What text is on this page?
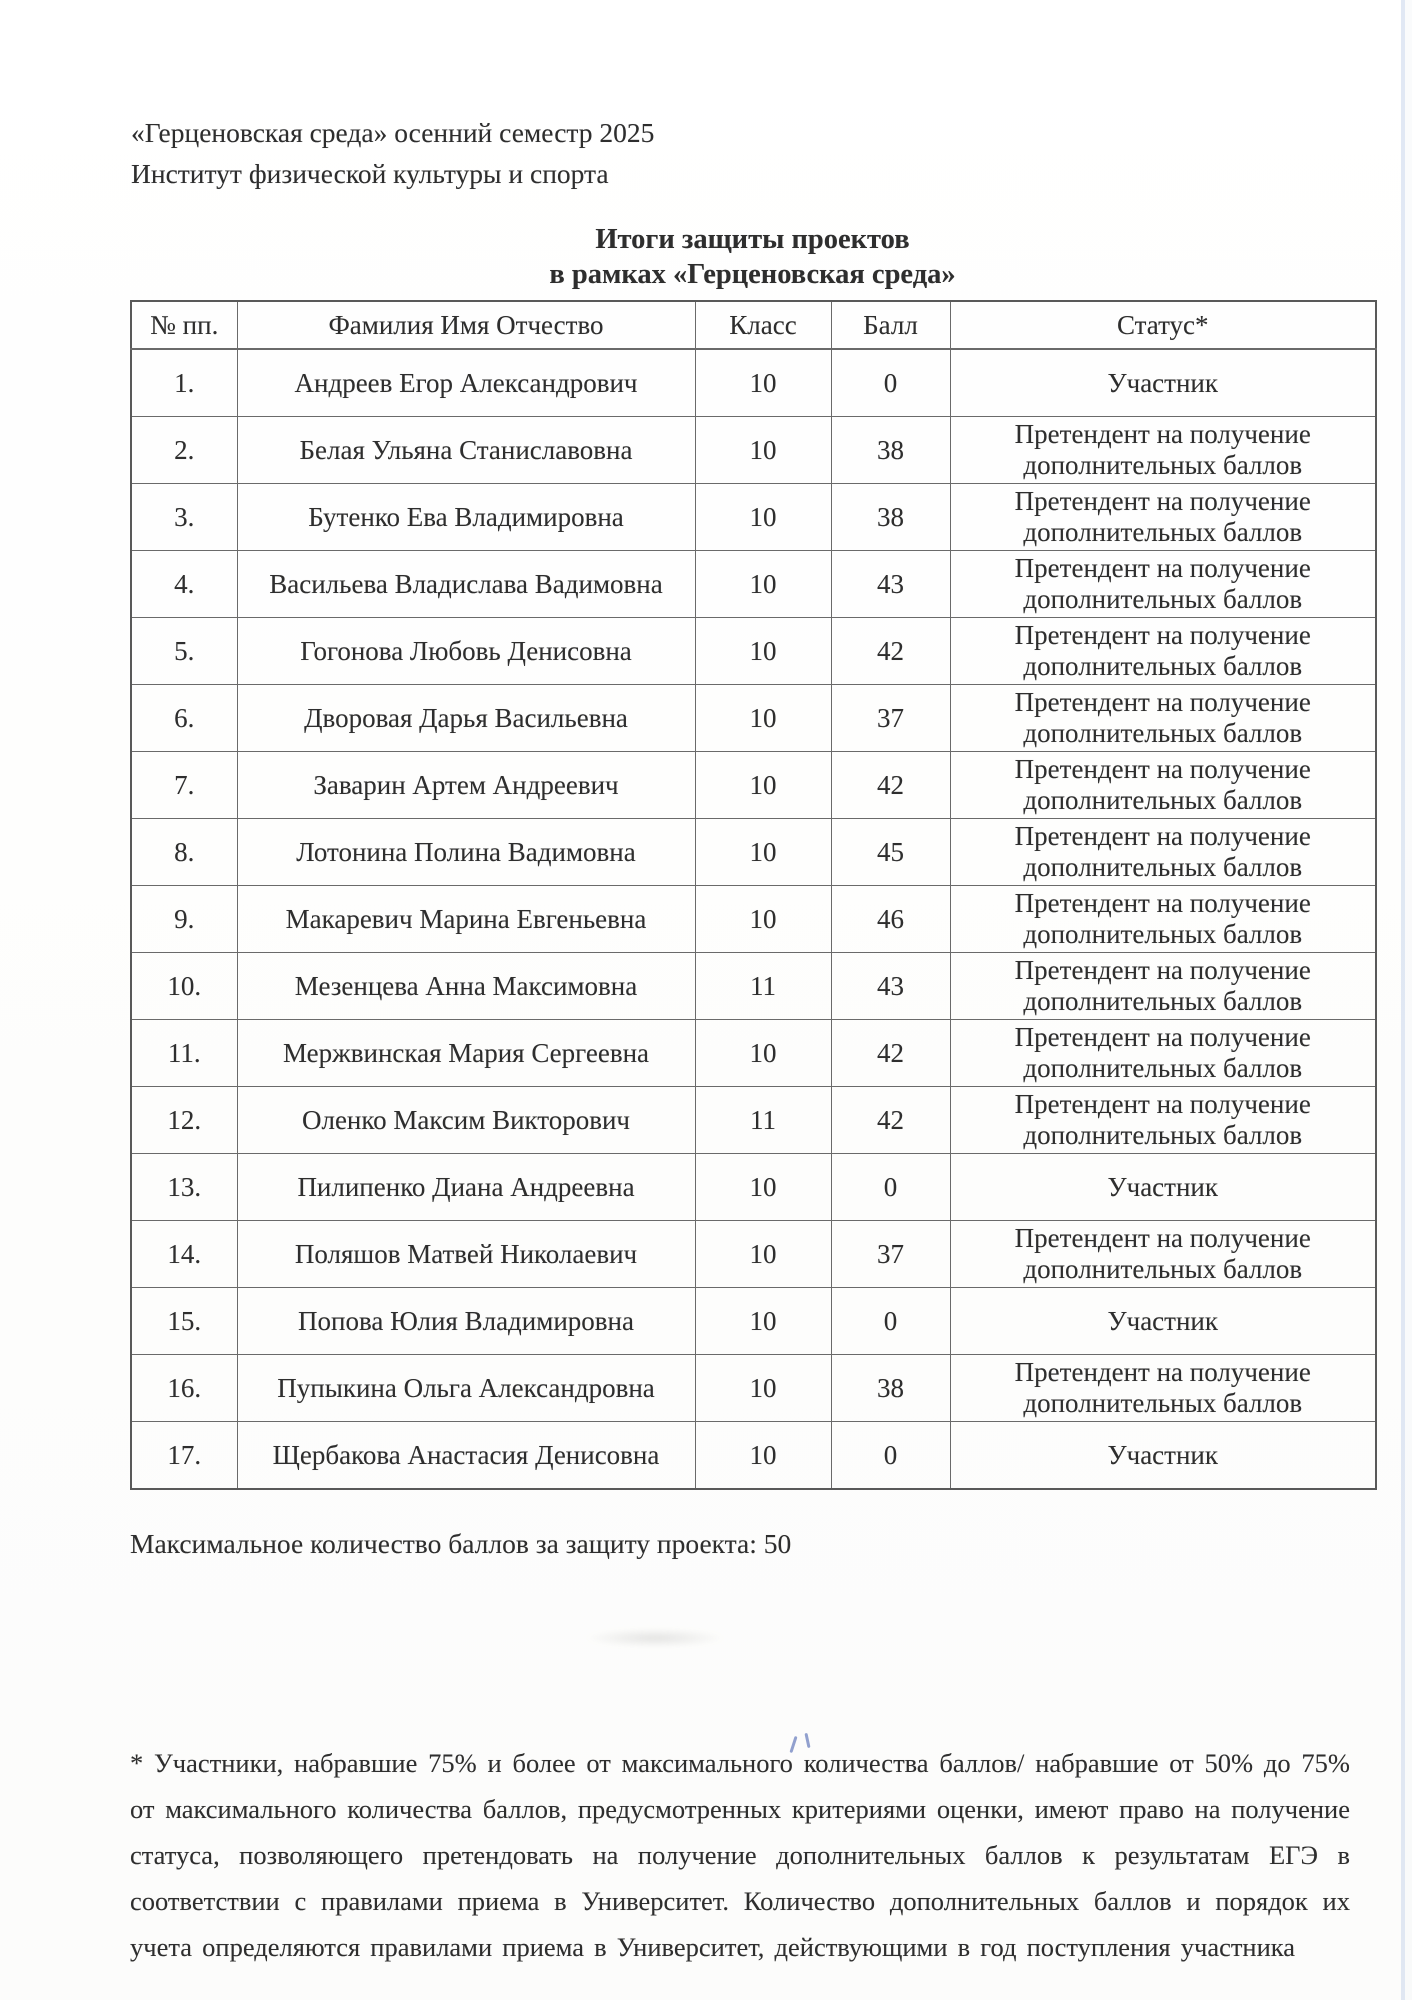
«Герценовская среда» осенний семестр 2025
Институт физической культуры и спорта
Итоги защиты проектов
в рамках «Герценовская среда»
№ пп.	Фамилия Имя Отчество	Класс	Балл	Статус*
1.	Андреев Егор Александрович	10	0	Участник
2.	Белая Ульяна Станиславовна	10	38	Претендент на получение дополнительных баллов
3.	Бутенко Ева Владимировна	10	38	Претендент на получение дополнительных баллов
4.	Васильева Владислава Вадимовна	10	43	Претендент на получение дополнительных баллов
5.	Гогонова Любовь Денисовна	10	42	Претендент на получение дополнительных баллов
6.	Дворовая Дарья Васильевна	10	37	Претендент на получение дополнительных баллов
7.	Заварин Артем Андреевич	10	42	Претендент на получение дополнительных баллов
8.	Лотонина Полина Вадимовна	10	45	Претендент на получение дополнительных баллов
9.	Макаревич Марина Евгеньевна	10	46	Претендент на получение дополнительных баллов
10.	Мезенцева Анна Максимовна	11	43	Претендент на получение дополнительных баллов
11.	Мержвинская Мария Сергеевна	10	42	Претендент на получение дополнительных баллов
12.	Оленко Максим Викторович	11	42	Претендент на получение дополнительных баллов
13.	Пилипенко Диана Андреевна	10	0	Участник
14.	Поляшов Матвей Николаевич	10	37	Претендент на получение дополнительных баллов
15.	Попова Юлия Владимировна	10	0	Участник
16.	Пупыкина Ольга Александровна	10	38	Претендент на получение дополнительных баллов
17.	Щербакова Анастасия Денисовна	10	0	Участник
Максимальное количество баллов за защиту проекта: 50
* Участники, набравшие 75% и более от максимального количества баллов/ набравшие от 50% до 75% от максимального количества баллов, предусмотренных критериями оценки, имеют право на получение статуса, позволяющего претендовать на получение дополнительных баллов к результатам ЕГЭ в соответствии с правилами приема в Университет. Количество дополнительных баллов и порядок их учета определяются правилами приема в Университет, действующими в год поступления участника
